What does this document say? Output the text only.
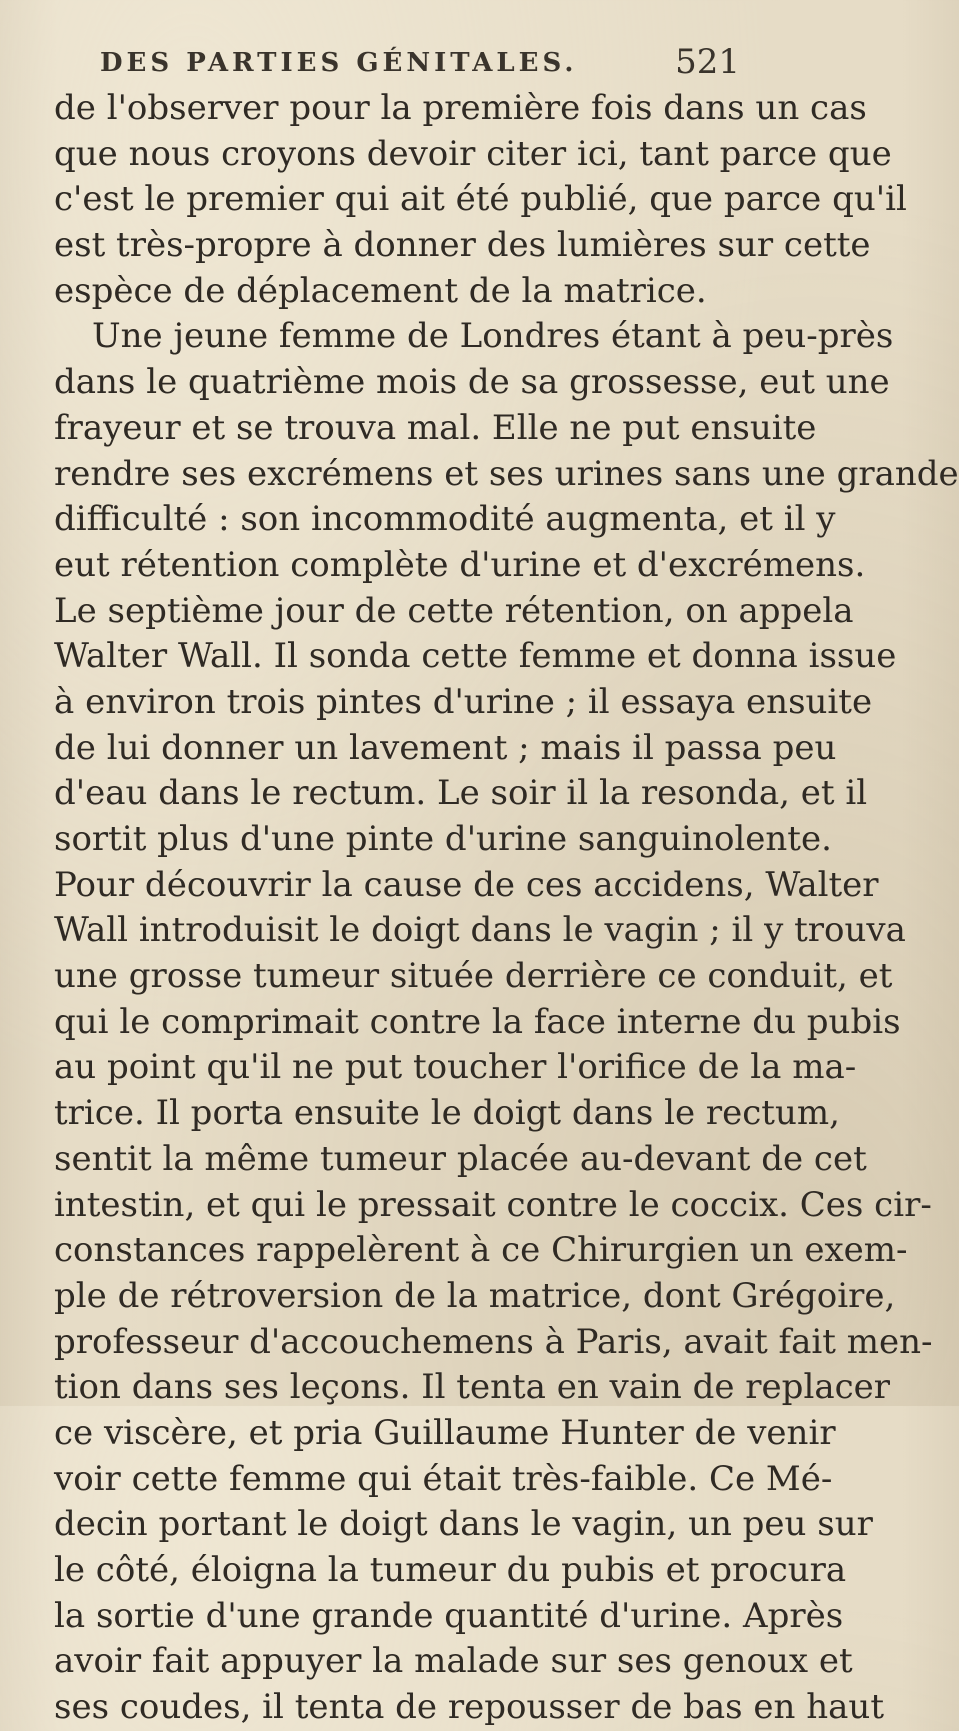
DES PARTIES GÉNITALES.	521
de l'observer pour la première fois dans un cas
que nous croyons devoir citer ici, tant parce que
c'est le premier qui ait été publié, que parce qu'il
est très-propre à donner des lumières sur cette
espèce de déplacement de la matrice.
Une jeune femme de Londres étant à peu-près
dans le quatrième mois de sa grossesse, eut une
frayeur et se trouva mal. Elle ne put ensuite
rendre ses excrémens et ses urines sans une grande
difficulté : son incommodité augmenta, et il y
eut rétention complète d'urine et d'excrémens.
Le septième jour de cette rétention, on appela
Walter Wall. Il sonda cette femme et donna issue
à environ trois pintes d'urine ; il essaya ensuite
de lui donner un lavement ; mais il passa peu
d'eau dans le rectum. Le soir il la resonda, et il
sortit plus d'une pinte d'urine sanguinolente.
Pour découvrir la cause de ces accidens, Walter
Wall introduisit le doigt dans le vagin ; il y trouva
une grosse tumeur située derrière ce conduit, et
qui le comprimait contre la face interne du pubis
au point qu'il ne put toucher l'orifice de la ma-
trice. Il porta ensuite le doigt dans le rectum,
sentit la même tumeur placée au-devant de cet
intestin, et qui le pressait contre le coccix. Ces cir-
constances rappelèrent à ce Chirurgien un exem-
ple de rétroversion de la matrice, dont Grégoire,
professeur d'accouchemens à Paris, avait fait men-
tion dans ses leçons. Il tenta en vain de replacer
ce viscère, et pria Guillaume Hunter de venir
voir cette femme qui était très-faible. Ce Mé-
decin portant le doigt dans le vagin, un peu sur
le côté, éloigna la tumeur du pubis et procura
la sortie d'une grande quantité d'urine. Après
avoir fait appuyer la malade sur ses genoux et
ses coudes, il tenta de repousser de bas en haut
